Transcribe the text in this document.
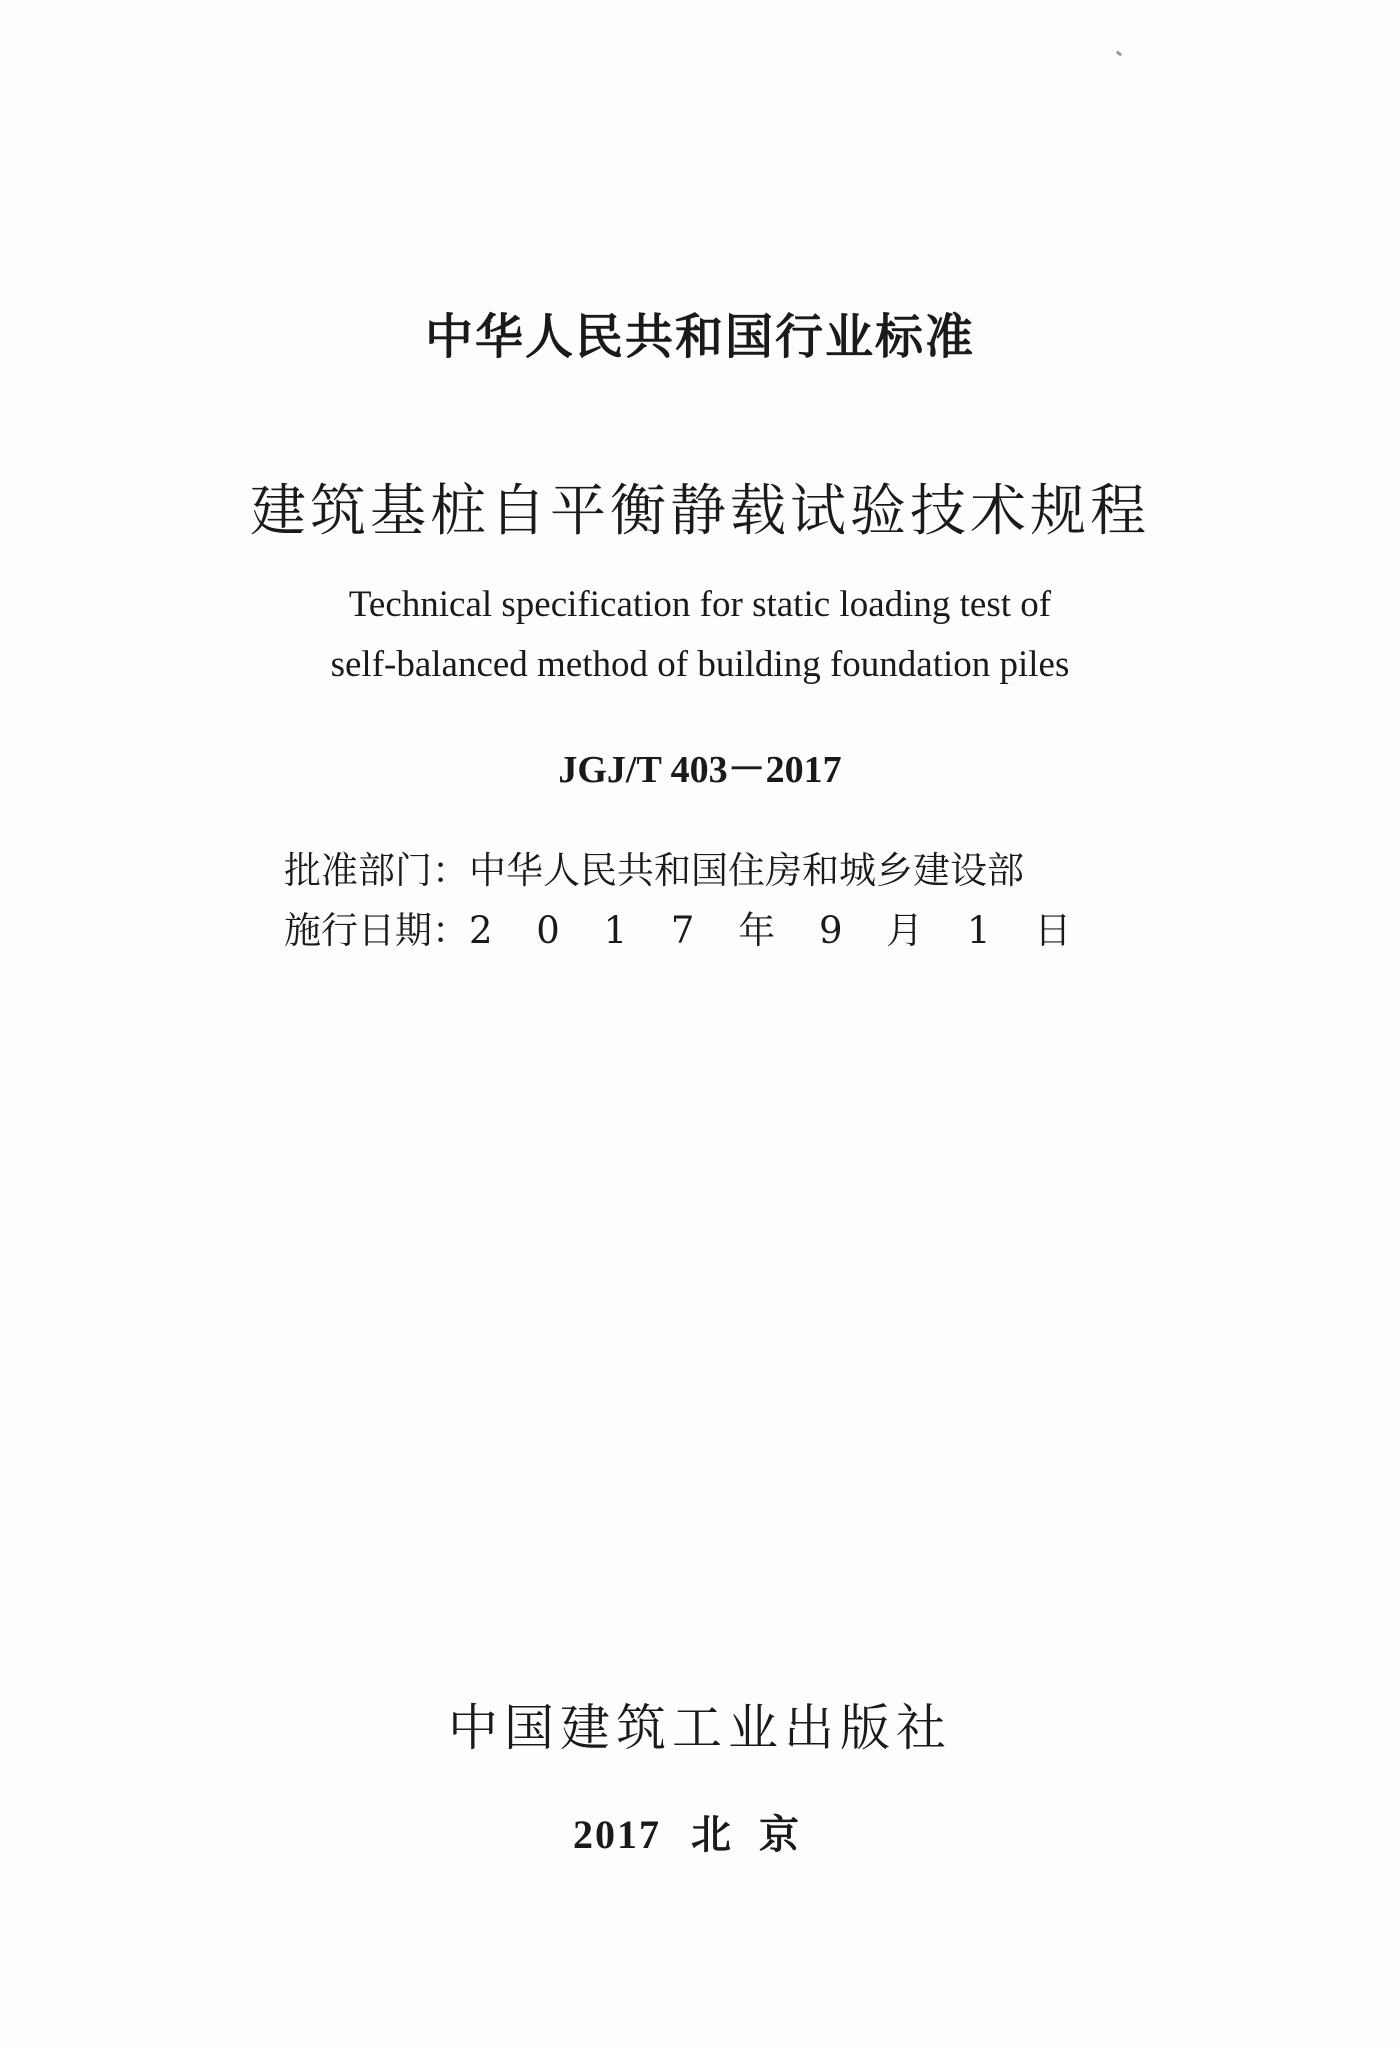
中华人民共和国行业标准
建筑基桩自平衡静载试验技术规程
Technical specification for static loading test of
self-balanced method of building foundation piles
JGJ/T 403－2017
批准部门：中华人民共和国住房和城乡建设部
施行日期：2 0 1 7 年 9 月 1 日
中国建筑工业出版社
2017 北京
